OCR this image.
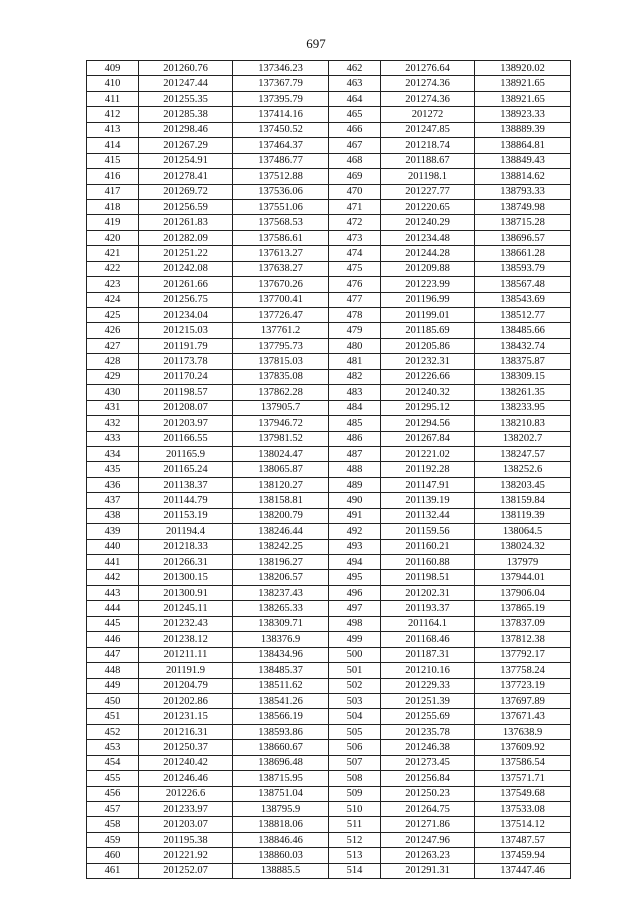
697
409	201260.76	137346.23	462	201276.64	138920.02
410	201247.44	137367.79	463	201274.36	138921.65
411	201255.35	137395.79	464	201274.36	138921.65
412	201285.38	137414.16	465	201272	138923.33
413	201298.46	137450.52	466	201247.85	138889.39
414	201267.29	137464.37	467	201218.74	138864.81
415	201254.91	137486.77	468	201188.67	138849.43
416	201278.41	137512.88	469	201198.1	138814.62
417	201269.72	137536.06	470	201227.77	138793.33
418	201256.59	137551.06	471	201220.65	138749.98
419	201261.83	137568.53	472	201240.29	138715.28
420	201282.09	137586.61	473	201234.48	138696.57
421	201251.22	137613.27	474	201244.28	138661.28
422	201242.08	137638.27	475	201209.88	138593.79
423	201261.66	137670.26	476	201223.99	138567.48
424	201256.75	137700.41	477	201196.99	138543.69
425	201234.04	137726.47	478	201199.01	138512.77
426	201215.03	137761.2	479	201185.69	138485.66
427	201191.79	137795.73	480	201205.86	138432.74
428	201173.78	137815.03	481	201232.31	138375.87
429	201170.24	137835.08	482	201226.66	138309.15
430	201198.57	137862.28	483	201240.32	138261.35
431	201208.07	137905.7	484	201295.12	138233.95
432	201203.97	137946.72	485	201294.56	138210.83
433	201166.55	137981.52	486	201267.84	138202.7
434	201165.9	138024.47	487	201221.02	138247.57
435	201165.24	138065.87	488	201192.28	138252.6
436	201138.37	138120.27	489	201147.91	138203.45
437	201144.79	138158.81	490	201139.19	138159.84
438	201153.19	138200.79	491	201132.44	138119.39
439	201194.4	138246.44	492	201159.56	138064.5
440	201218.33	138242.25	493	201160.21	138024.32
441	201266.31	138196.27	494	201160.88	137979
442	201300.15	138206.57	495	201198.51	137944.01
443	201300.91	138237.43	496	201202.31	137906.04
444	201245.11	138265.33	497	201193.37	137865.19
445	201232.43	138309.71	498	201164.1	137837.09
446	201238.12	138376.9	499	201168.46	137812.38
447	201211.11	138434.96	500	201187.31	137792.17
448	201191.9	138485.37	501	201210.16	137758.24
449	201204.79	138511.62	502	201229.33	137723.19
450	201202.86	138541.26	503	201251.39	137697.89
451	201231.15	138566.19	504	201255.69	137671.43
452	201216.31	138593.86	505	201235.78	137638.9
453	201250.37	138660.67	506	201246.38	137609.92
454	201240.42	138696.48	507	201273.45	137586.54
455	201246.46	138715.95	508	201256.84	137571.71
456	201226.6	138751.04	509	201250.23	137549.68
457	201233.97	138795.9	510	201264.75	137533.08
458	201203.07	138818.06	511	201271.86	137514.12
459	201195.38	138846.46	512	201247.96	137487.57
460	201221.92	138860.03	513	201263.23	137459.94
461	201252.07	138885.5	514	201291.31	137447.46
